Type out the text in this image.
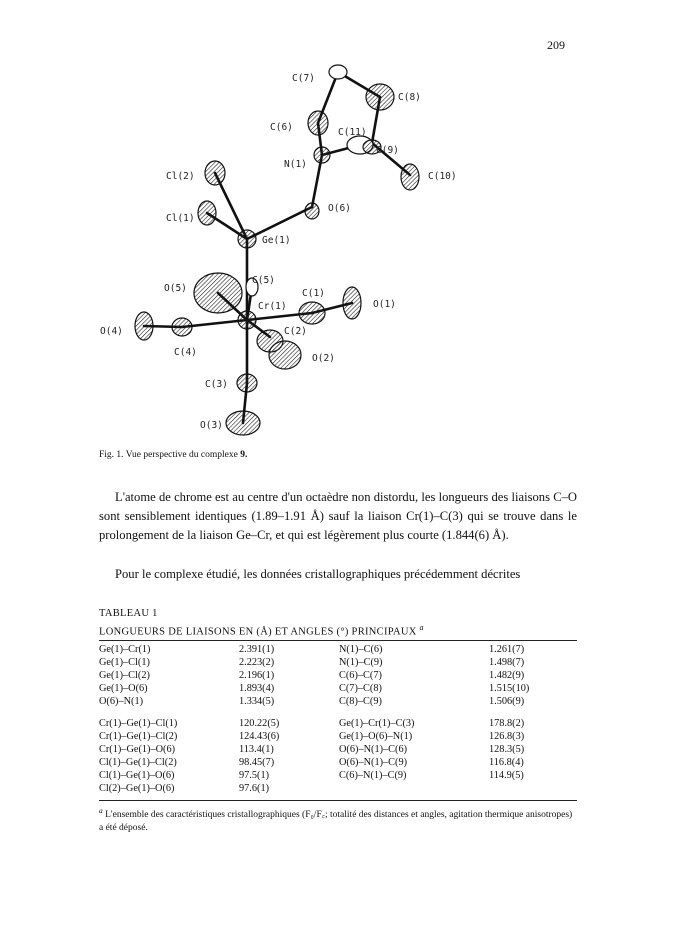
209
C(7)
C(8)
C(6)	C(11)
C(9)
N(1)
C(10)
Cl(2)
O(6)
Cl(1)
Ge(1)
C(5)
O(5)	C(1)
Cr(1)	O(1)
O(4)	C(2)
C(4)
O(2)
C(3)
O(3)
Fig. 1. Vue perspective du complexe 9.

L'atome de chrome est au centre d'un octaèdre non distordu, les longueurs des liaisons C–O sont sensiblement identiques (1.89–1.91 Å) sauf la liaison Cr(1)–C(3) qui se trouve dans le prolongement de la liaison Ge–Cr, et qui est légèrement plus courte (1.844(6) Å).

Pour le complexe étudié, les données cristallographiques précédemment décrites

TABLEAU 1
LONGUEURS DE LIAISONS EN (Å) ET ANGLES (°) PRINCIPAUX $^a$
Ge(1)–Cr(1)	2.391(1)	N(1)–C(6)	1.261(7)
Ge(1)–Cl(1)	2.223(2)	N(1)–C(9)	1.498(7)
Ge(1)–Cl(2)	2.196(1)	C(6)–C(7)	1.482(9)
Ge(1)–O(6)	1.893(4)	C(7)–C(8)	1.515(10)
O(6)–N(1)	1.334(5)	C(8)–C(9)	1.506(9)

Cr(1)–Ge(1)–Cl(1)	120.22(5)	Ge(1)–Cr(1)–C(3)	178.8(2)
Cr(1)–Ge(1)–Cl(2)	124.43(6)	Ge(1)–O(6)–N(1)	126.8(3)
Cr(1)–Ge(1)–O(6)	113.4(1)	O(6)–N(1)–C(6)	128.3(5)
Cl(1)–Ge(1)–Cl(2)	98.45(7)	O(6)–N(1)–C(9)	116.8(4)
Cl(1)–Ge(1)–O(6)	97.5(1)	C(6)–N(1)–C(9)	114.9(5)
Cl(2)–Ge(1)–O(6)	97.6(1)		
$^a$ L'ensemble des caractéristiques cristallographiques (F₀/F꜀; totalité des distances et angles, agitation thermique anisotropes) a été déposé.
